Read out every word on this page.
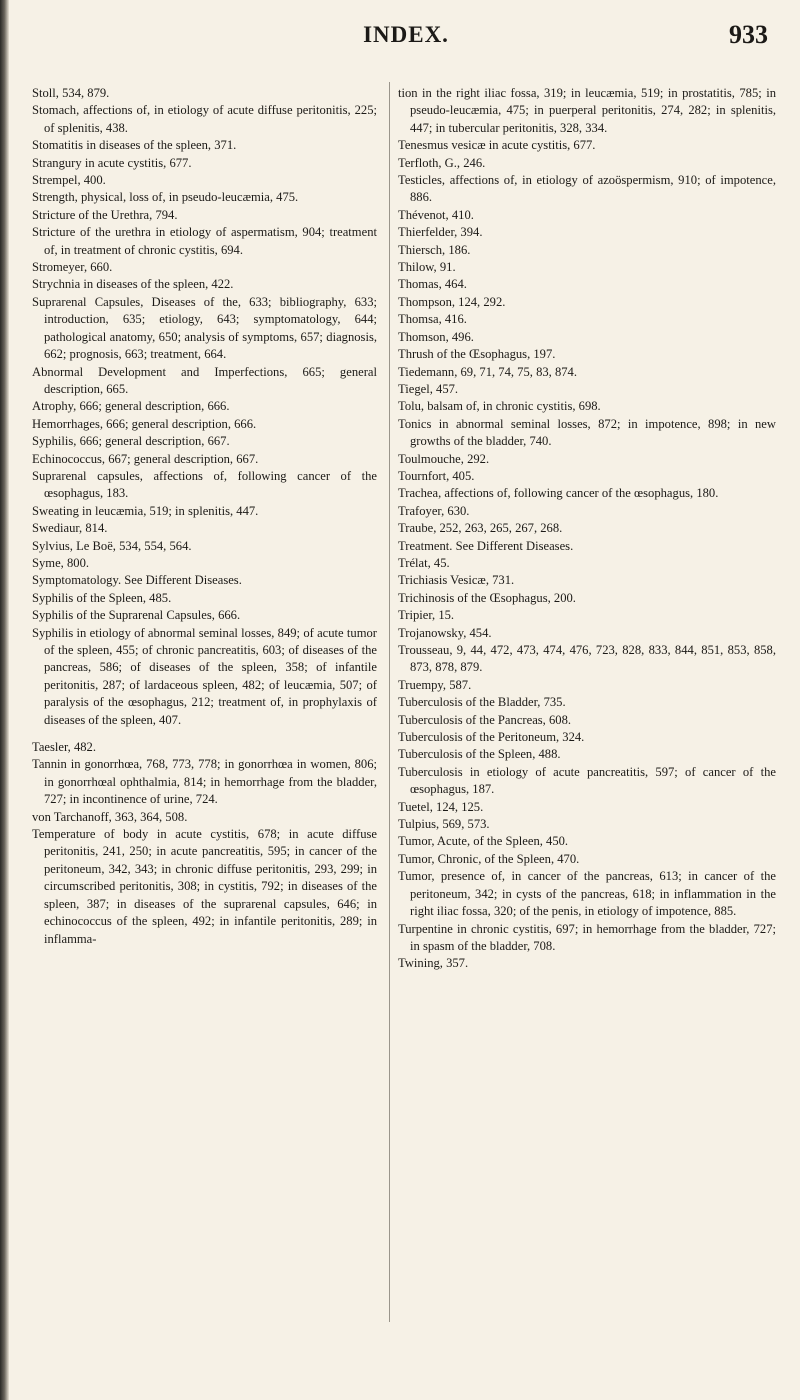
INDEX.	933

Stoll, 534, 879.

Stomach, affections of, in etiology of acute diffuse peritonitis, 225; of splenitis, 438.

Stomatitis in diseases of the spleen, 371.

Strangury in acute cystitis, 677.

Strempel, 400.

Strength, physical, loss of, in pseudo-leucæmia, 475.

Stricture of the Urethra, 794.

Stricture of the urethra in etiology of aspermatism, 904; treatment of, in treatment of chronic cystitis, 694.

Stromeyer, 660.

Strychnia in diseases of the spleen, 422.

Suprarenal Capsules, Diseases of the, 633; bibliography, 633; introduction, 635; etiology, 643; symptomatology, 644; pathological anatomy, 650; analysis of symptoms, 657; diagnosis, 662; prognosis, 663; treatment, 664.

Abnormal Development and Imperfections, 665; general description, 665.

Atrophy, 666; general description, 666.

Hemorrhages, 666; general description, 666.

Syphilis, 666; general description, 667.

Echinococcus, 667; general description, 667.

Suprarenal capsules, affections of, following cancer of the œsophagus, 183.

Sweating in leucæmia, 519; in splenitis, 447.

Swediaur, 814.

Sylvius, Le Boë, 534, 554, 564.

Syme, 800.

Symptomatology. See Different Diseases.

Syphilis of the Spleen, 485.

Syphilis of the Suprarenal Capsules, 666.

Syphilis in etiology of abnormal seminal losses, 849; of acute tumor of the spleen, 455; of chronic pancreatitis, 603; of diseases of the pancreas, 586; of diseases of the spleen, 358; of infantile peritonitis, 287; of lardaceous spleen, 482; of leucæmia, 507; of paralysis of the œsophagus, 212; treatment of, in prophylaxis of diseases of the spleen, 407.

Taesler, 482.

Tannin in gonorrhœa, 768, 773, 778; in gonorrhœa in women, 806; in gonorrhœal ophthalmia, 814; in hemorrhage from the bladder, 727; in incontinence of urine, 724.

von Tarchanoff, 363, 364, 508.

Temperature of body in acute cystitis, 678; in acute diffuse peritonitis, 241, 250; in acute pancreatitis, 595; in cancer of the peritoneum, 342, 343; in chronic diffuse peritonitis, 293, 299; in circumscribed peritonitis, 308; in cystitis, 792; in diseases of the spleen, 387; in diseases of the suprarenal capsules, 646; in echinococcus of the spleen, 492; in infantile peritonitis, 289; in inflamma-

tion in the right iliac fossa, 319; in leucæmia, 519; in prostatitis, 785; in pseudo-leucæmia, 475; in puerperal peritonitis, 274, 282; in splenitis, 447; in tubercular peritonitis, 328, 334.

Tenesmus vesicæ in acute cystitis, 677.

Terfloth, G., 246.

Testicles, affections of, in etiology of azoöspermism, 910; of impotence, 886.

Thévenot, 410.

Thierfelder, 394.

Thiersch, 186.

Thilow, 91.

Thomas, 464.

Thompson, 124, 292.

Thomsa, 416.

Thomson, 496.

Thrush of the Œsophagus, 197.

Tiedemann, 69, 71, 74, 75, 83, 874.

Tiegel, 457.

Tolu, balsam of, in chronic cystitis, 698.

Tonics in abnormal seminal losses, 872; in impotence, 898; in new growths of the bladder, 740.

Toulmouche, 292.

Tournfort, 405.

Trachea, affections of, following cancer of the œsophagus, 180.

Trafoyer, 630.

Traube, 252, 263, 265, 267, 268.

Treatment. See Different Diseases.

Trélat, 45.

Trichiasis Vesicæ, 731.

Trichinosis of the Œsophagus, 200.

Tripier, 15.

Trojanowsky, 454.

Trousseau, 9, 44, 472, 473, 474, 476, 723, 828, 833, 844, 851, 853, 858, 873, 878, 879.

Truempy, 587.

Tuberculosis of the Bladder, 735.

Tuberculosis of the Pancreas, 608.

Tuberculosis of the Peritoneum, 324.

Tuberculosis of the Spleen, 488.

Tuberculosis in etiology of acute pancreatitis, 597; of cancer of the œsophagus, 187.

Tuetel, 124, 125.

Tulpius, 569, 573.

Tumor, Acute, of the Spleen, 450.

Tumor, Chronic, of the Spleen, 470.

Tumor, presence of, in cancer of the pancreas, 613; in cancer of the peritoneum, 342; in cysts of the pancreas, 618; in inflammation in the right iliac fossa, 320; of the penis, in etiology of impotence, 885.

Turpentine in chronic cystitis, 697; in hemorrhage from the bladder, 727; in spasm of the bladder, 708.

Twining, 357.
